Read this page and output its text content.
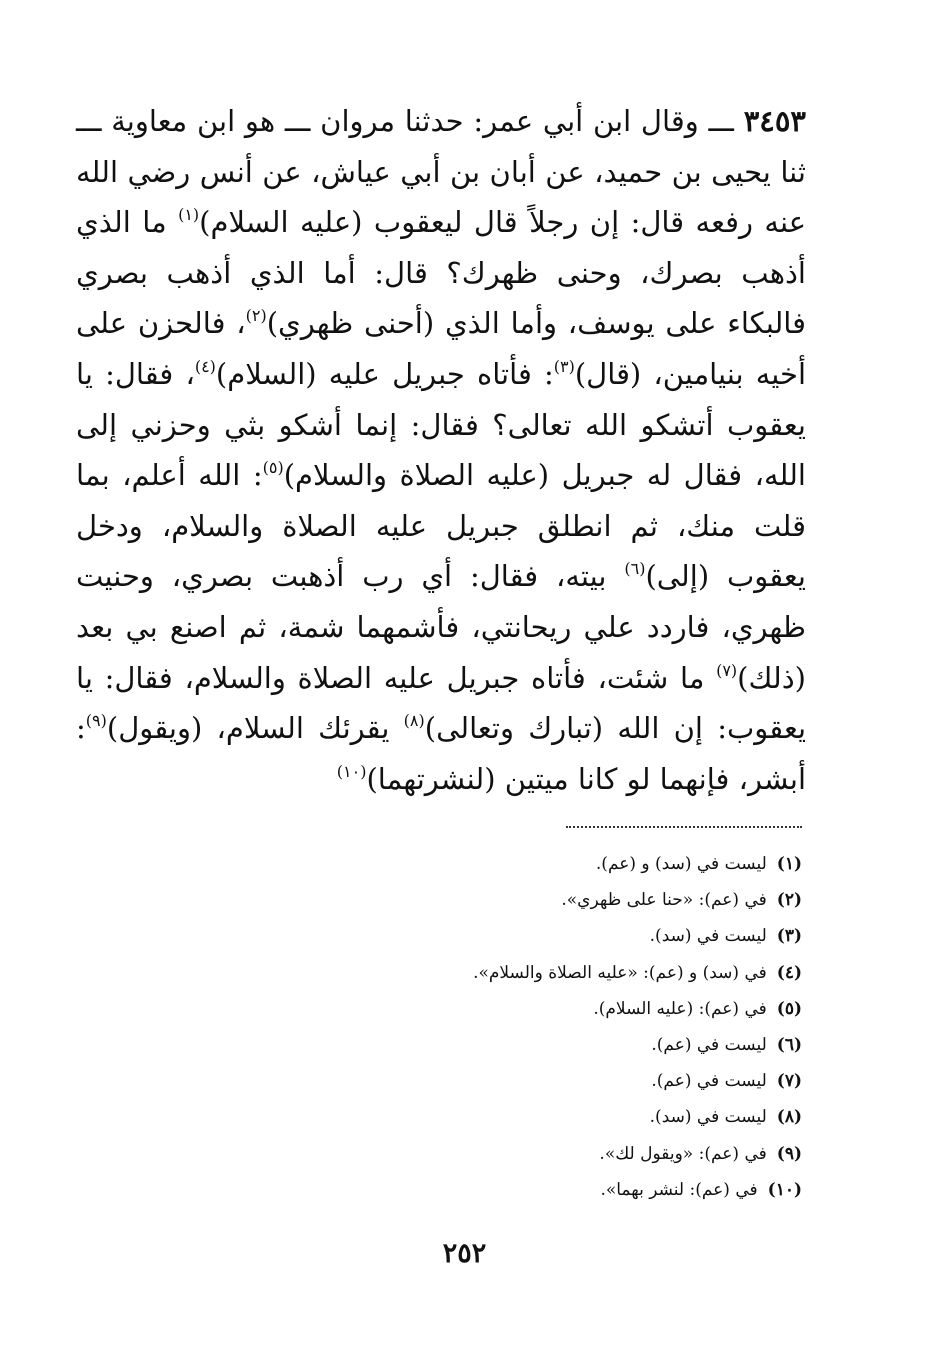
٣٤٥٣ ـــ وقال ابن أبي عمر: حدثنا مروان ـــ هو ابن معاوية ـــ ثنا يحيى بن حميد، عن أبان بن أبي عياش، عن أنس رضي الله عنه رفعه قال: إن رجلاً قال ليعقوب (عليه السلام)$^{(١)}$ ما الذي أذهب بصرك، وحنى ظهرك؟ قال: أما الذي أذهب بصري فالبكاء على يوسف، وأما الذي (أحنى ظهري)$^{(٢)}$، فالحزن على أخيه بنيامين، (قال)$^{(٣)}$: فأتاه جبريل عليه (السلام)$^{(٤)}$، فقال: يا يعقوب أتشكو الله تعالى؟ فقال: إنما أشكو بثي وحزني إلى الله، فقال له جبريل (عليه الصلاة والسلام)$^{(٥)}$: الله أعلم، بما قلت منك، ثم انطلق جبريل عليه الصلاة والسلام، ودخل يعقوب (إلى)$^{(٦)}$ بيته، فقال: أي رب أذهبت بصري، وحنيت ظهري، فاردد علي ريحانتي، فأشمهما شمة، ثم اصنع بي بعد (ذلك)$^{(٧)}$ ما شئت، فأتاه جبريل عليه الصلاة والسلام، فقال: يا يعقوب: إن الله (تبارك وتعالى)$^{(٨)}$ يقرئك السلام، (ويقول)$^{(٩)}$: أبشر، فإنهما لو كانا ميتين (لنشرتهما)$^{(١٠)}$

(١)ليست في (سد) و (عم).
(٢)في (عم): «حنا على ظهري».
(٣)ليست في (سد).
(٤)في (سد) و (عم): «عليه الصلاة والسلام».
(٥)في (عم): (عليه السلام).
(٦)ليست في (عم).
(٧)ليست في (عم).
(٨)ليست في (سد).
(٩)في (عم): «ويقول لك».
(١٠)في (عم): لنشر بهما».
٢٥٢
